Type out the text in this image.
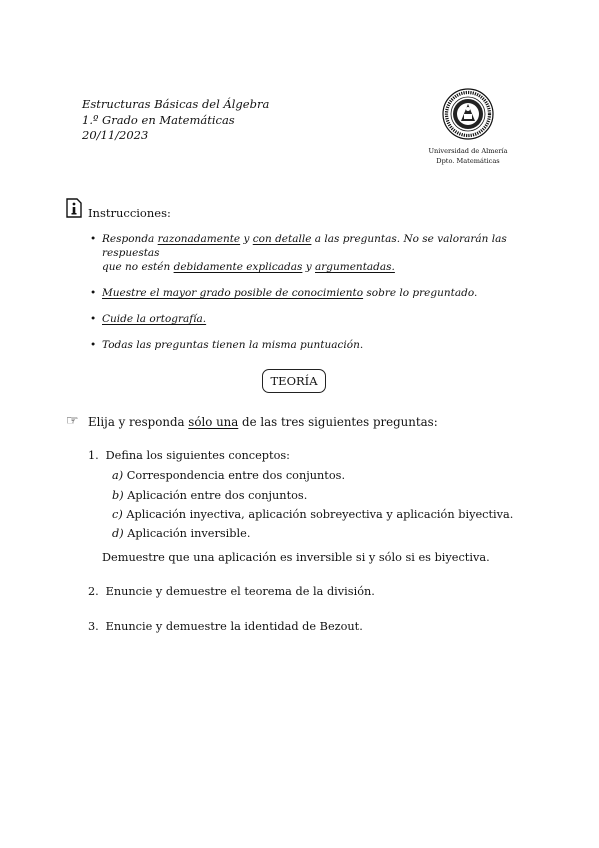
Estructuras Básicas del Álgebra
1.º Grado en Matemáticas
20/11/2023
Universidad de Almería
Dpto. Matemáticas
Instrucciones:
• Responda razonadamente y con detalle a las preguntas. No se valorarán las respuestas
que no estén debidamente explicadas y argumentadas.
• Muestre el mayor grado posible de conocimiento sobre lo preguntado.
• Cuide la ortografía.
• Todas las preguntas tienen la misma puntuación.
TEORÍA
☞ Elija y responda sólo una de las tres siguientes preguntas:
1. Defina los siguientes conceptos:
a) Correspondencia entre dos conjuntos.
b) Aplicación entre dos conjuntos.
c) Aplicación inyectiva, aplicación sobreyectiva y aplicación biyectiva.
d) Aplicación inversible.
Demuestre que una aplicación es inversible si y sólo si es biyectiva.
2. Enuncie y demuestre el teorema de la división.
3. Enuncie y demuestre la identidad de Bezout.
